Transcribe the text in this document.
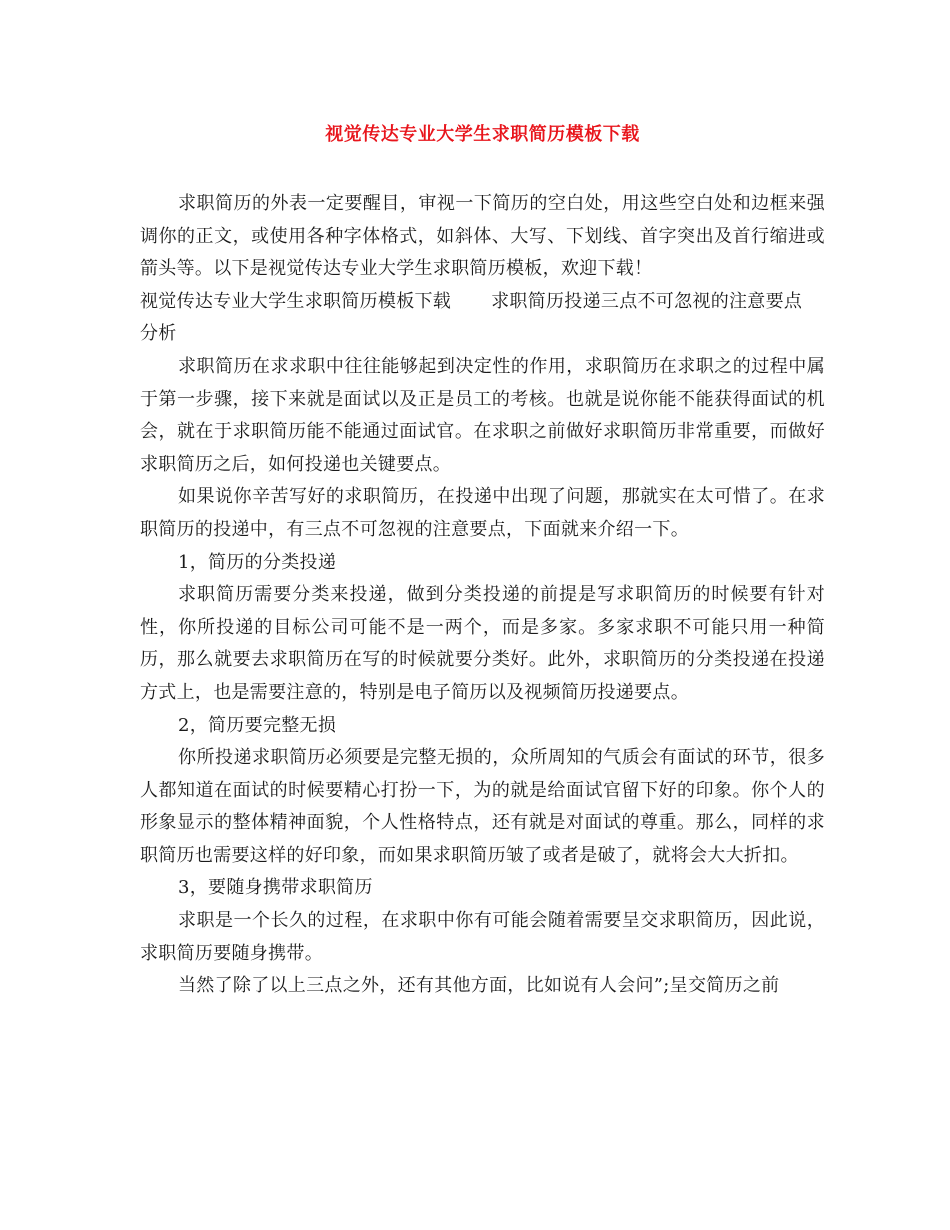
视觉传达专业大学生求职简历模板下载

求职简历的外表一定要醒目，审视一下简历的空白处，用这些空白处和边框来强调你的正文，或使用各种字体格式，如斜体、大写、下划线、首字突出及首行缩进或箭头等。以下是视觉传达专业大学生求职简历模板，欢迎下载！

视觉传达专业大学生求职简历模板下载 求职简历投递三点不可忽视的注意要点

分析

求职简历在求求职中往往能够起到决定性的作用，求职简历在求职之的过程中属于第一步骤，接下来就是面试以及正是员工的考核。也就是说你能不能获得面试的机会，就在于求职简历能不能通过面试官。在求职之前做好求职简历非常重要，而做好求职简历之后，如何投递也关键要点。

如果说你辛苦写好的求职简历，在投递中出现了问题，那就实在太可惜了。在求职简历的投递中，有三点不可忽视的注意要点，下面就来介绍一下。

1，简历的分类投递

求职简历需要分类来投递，做到分类投递的前提是写求职简历的时候要有针对性，你所投递的目标公司可能不是一两个，而是多家。多家求职不可能只用一种简历，那么就要去求职简历在写的时候就要分类好。此外，求职简历的分类投递在投递方式上，也是需要注意的，特别是电子简历以及视频简历投递要点。

2，简历要完整无损

你所投递求职简历必须要是完整无损的，众所周知的气质会有面试的环节，很多人都知道在面试的时候要精心打扮一下，为的就是给面试官留下好的印象。你个人的形象显示的整体精神面貌，个人性格特点，还有就是对面试的尊重。那么，同样的求职简历也需要这样的好印象，而如果求职简历皱了或者是破了，就将会大大折扣。

3，要随身携带求职简历

求职是一个长久的过程，在求职中你有可能会随着需要呈交求职简历，因此说，求职简历要随身携带。

当然了除了以上三点之外，还有其他方面，比如说有人会问”;呈交简历之前
